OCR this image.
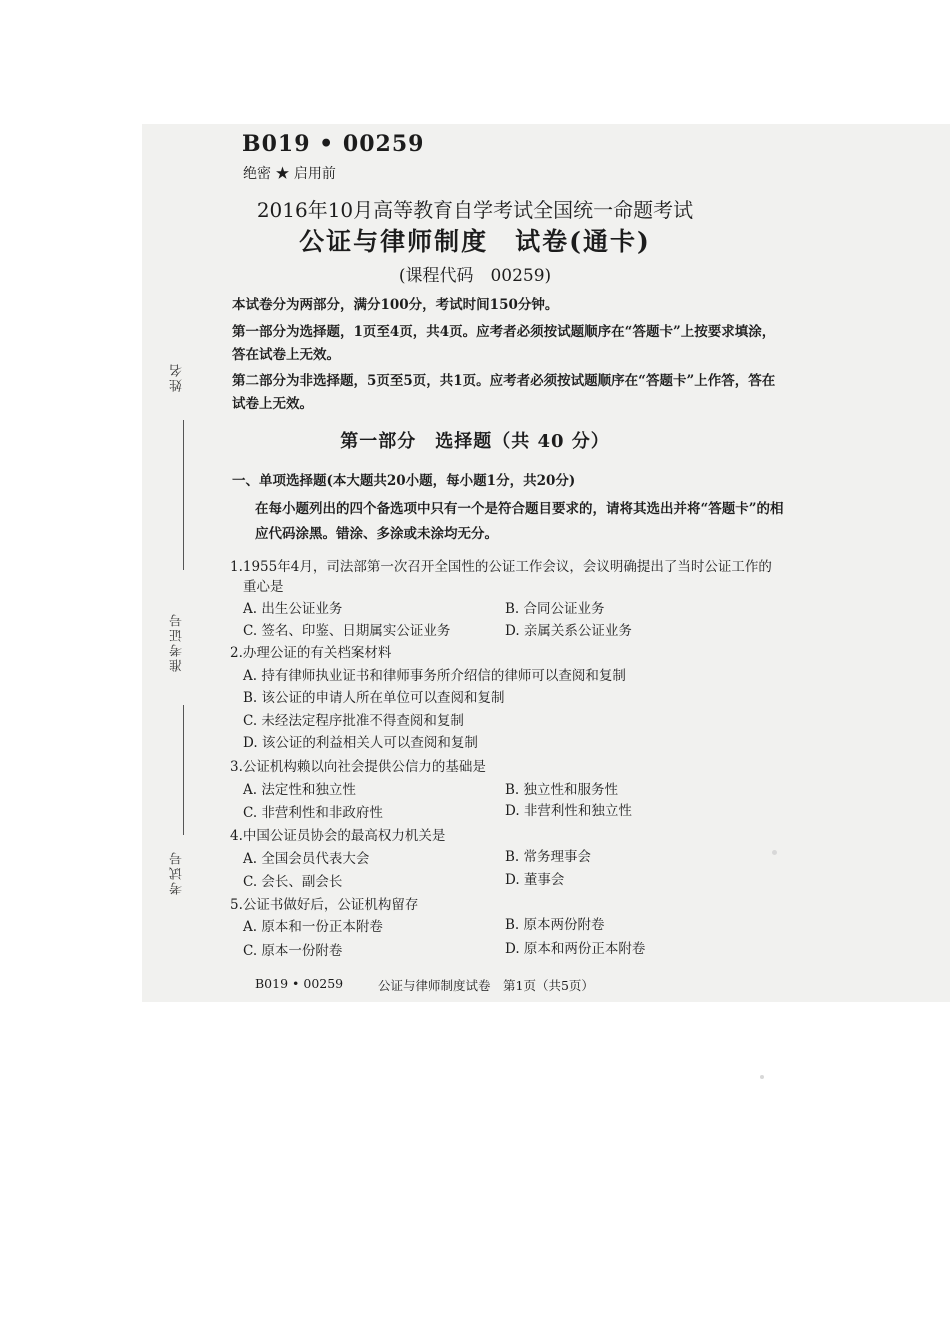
姓名
准考证号
考试号
B019 • 00259
绝密 ★ 启用前
2016年10月高等教育自学考试全国统一命题考试
公证与律师制度　试卷(通卡)
(课程代码　00259)
本试卷分为两部分，满分100分，考试时间150分钟。
第一部分为选择题，1页至4页，共4页。应考者必须按试题顺序在“答题卡”上按要求填涂，
答在试卷上无效。
第二部分为非选择题，5页至5页，共1页。应考者必须按试题顺序在“答题卡”上作答，答在
试卷上无效。
第一部分　选择题（共 40 分）
一、单项选择题(本大题共20小题，每小题1分，共20分)
在每小题列出的四个备选项中只有一个是符合题目要求的，请将其选出并将“答题卡”的相
应代码涂黑。错涂、多涂或未涂均无分。
1.1955年4月，司法部第一次召开全国性的公证工作会议，会议明确提出了当时公证工作的
重心是
A. 出生公证业务	B. 合同公证业务
C. 签名、印鉴、日期属实公证业务	D. 亲属关系公证业务
2.办理公证的有关档案材料
A. 持有律师执业证书和律师事务所介绍信的律师可以查阅和复制
B. 该公证的申请人所在单位可以查阅和复制
C. 未经法定程序批准不得查阅和复制
D. 该公证的利益相关人可以查阅和复制
3.公证机构赖以向社会提供公信力的基础是
A. 法定性和独立性	B. 独立性和服务性
C. 非营利性和非政府性	D. 非营利性和独立性
4.中国公证员协会的最高权力机关是
A. 全国会员代表大会	B. 常务理事会
C. 会长、副会长	D. 董事会
5.公证书做好后，公证机构留存
A. 原本和一份正本附卷	B. 原本两份附卷
C. 原本一份附卷	D. 原本和两份正本附卷
B019 • 00259	公证与律师制度试卷　第1页（共5页）
